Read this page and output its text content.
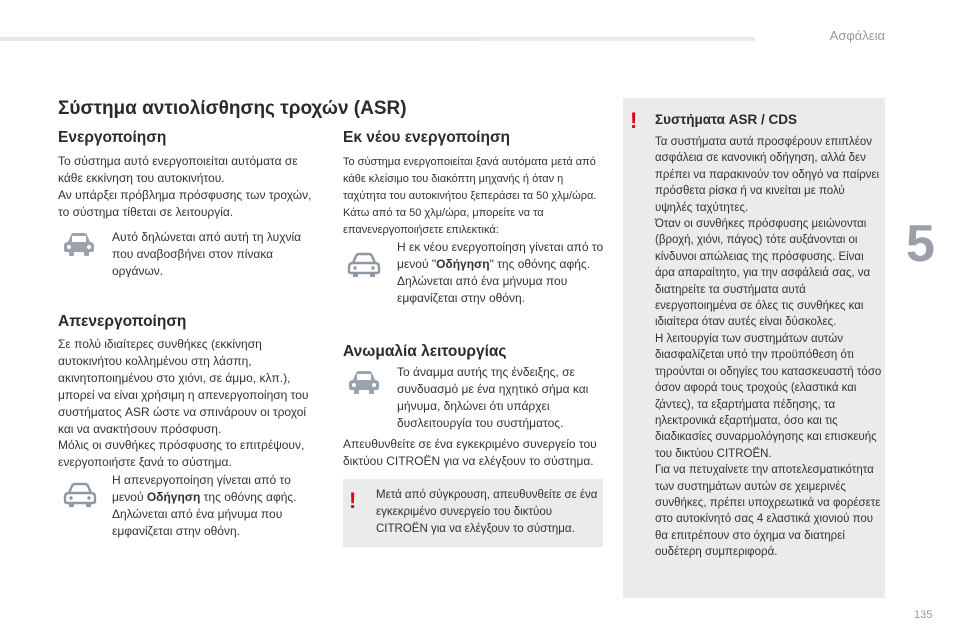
Ασφάλεια
5
135
Σύστημα αντιολίσθησης τροχών (ASR)
Ενεργοποίηση

Το σύστημα αυτό ενεργοποιείται αυτόματα σε κάθε εκκίνηση του αυτοκινήτου.
Αν υπάρξει πρόβλημα πρόσφυσης των τροχών, το σύστημα τίθεται σε λειτουργία.

Αυτό δηλώνεται από αυτή τη λυχνία που αναβοσβήνει στον πίνακα οργάνων.

Απενεργοποίηση

Σε πολύ ιδιαίτερες συνθήκες (εκκίνηση αυτοκινήτου κολλημένου στη λάσπη, ακινητοποιημένου στο χιόνι, σε άμμο, κλπ.), μπορεί να είναι χρήσιμη η απενεργοποίηση του συστήματος ASR ώστε να σπινάρουν οι τροχοί και να ανακτήσουν πρόσφυση.

Μόλις οι συνθήκες πρόσφυσης το επιτρέψουν, ενεργοποιήστε ξανά το σύστημα.

Η απενεργοποίηση γίνεται από το μενού Οδήγηση της οθόνης αφής.
Δηλώνεται από ένα μήνυμα που εμφανίζεται στην οθόνη.

Εκ νέου ενεργοποίηση

Το σύστημα ενεργοποιείται ξανά αυτόματα μετά από κάθε κλείσιμο του διακόπτη μηχανής ή όταν η ταχύτητα του αυτοκινήτου ξεπεράσει τα 50 χλμ/ώρα.
Κάτω από τα 50 χλμ/ώρα, μπορείτε να τα επανενεργοποιήσετε επιλεκτικά:

Η εκ νέου ενεργοποίηση γίνεται από το μενού "Οδήγηση" της οθόνης αφής.
Δηλώνεται από ένα μήνυμα που εμφανίζεται στην οθόνη.

Ανωμαλία λειτουργίας

Το άναμμα αυτής της ένδειξης, σε συνδυασμό με ένα ηχητικό σήμα και μήνυμα, δηλώνει ότι υπάρχει δυσλειτουργία του συστήματος.

Απευθυνθείτε σε ένα εγκεκριμένο συνεργείο του δικτύου CITROËN για να ελέγξουν το σύστημα.

! Μετά από σύγκρουση, απευθυνθείτε σε ένα εγκεκριμένο συνεργείο του δικτύου CITROËN για να ελέγξουν το σύστημα.

! Συστήματα ASR / CDS

Τα συστήματα αυτά προσφέρουν επιπλέον ασφάλεια σε κανονική οδήγηση, αλλά δεν πρέπει να παρακινούν τον οδηγό να παίρνει πρόσθετα ρίσκα ή να κινείται με πολύ υψηλές ταχύτητες.
Όταν οι συνθήκες πρόσφυσης μειώνονται (βροχή, χιόνι, πάγος) τότε αυξάνονται οι κίνδυνοι απώλειας της πρόσφυσης. Είναι άρα απαραίτητο, για την ασφάλειά σας, να διατηρείτε τα συστήματα αυτά ενεργοποιημένα σε όλες τις συνθήκες και ιδιαίτερα όταν αυτές είναι δύσκολες.
Η λειτουργία των συστημάτων αυτών διασφαλίζεται υπό την προϋπόθεση ότι τηρούνται οι οδηγίες του κατασκευαστή τόσο όσον αφορά τους τροχούς (ελαστικά και ζάντες), τα εξαρτήματα πέδησης, τα ηλεκτρονικά εξαρτήματα, όσο και τις διαδικασίες συναρμολόγησης και επισκευής του δικτύου CITROËN.
Για να πετυχαίνετε την αποτελεσματικότητα των συστημάτων αυτών σε χειμερινές συνθήκες, πρέπει υποχρεωτικά να φορέσετε στο αυτοκίνητό σας 4 ελαστικά χιονιού που θα επιτρέπουν στο όχημα να διατηρεί ουδέτερη συμπεριφορά.
